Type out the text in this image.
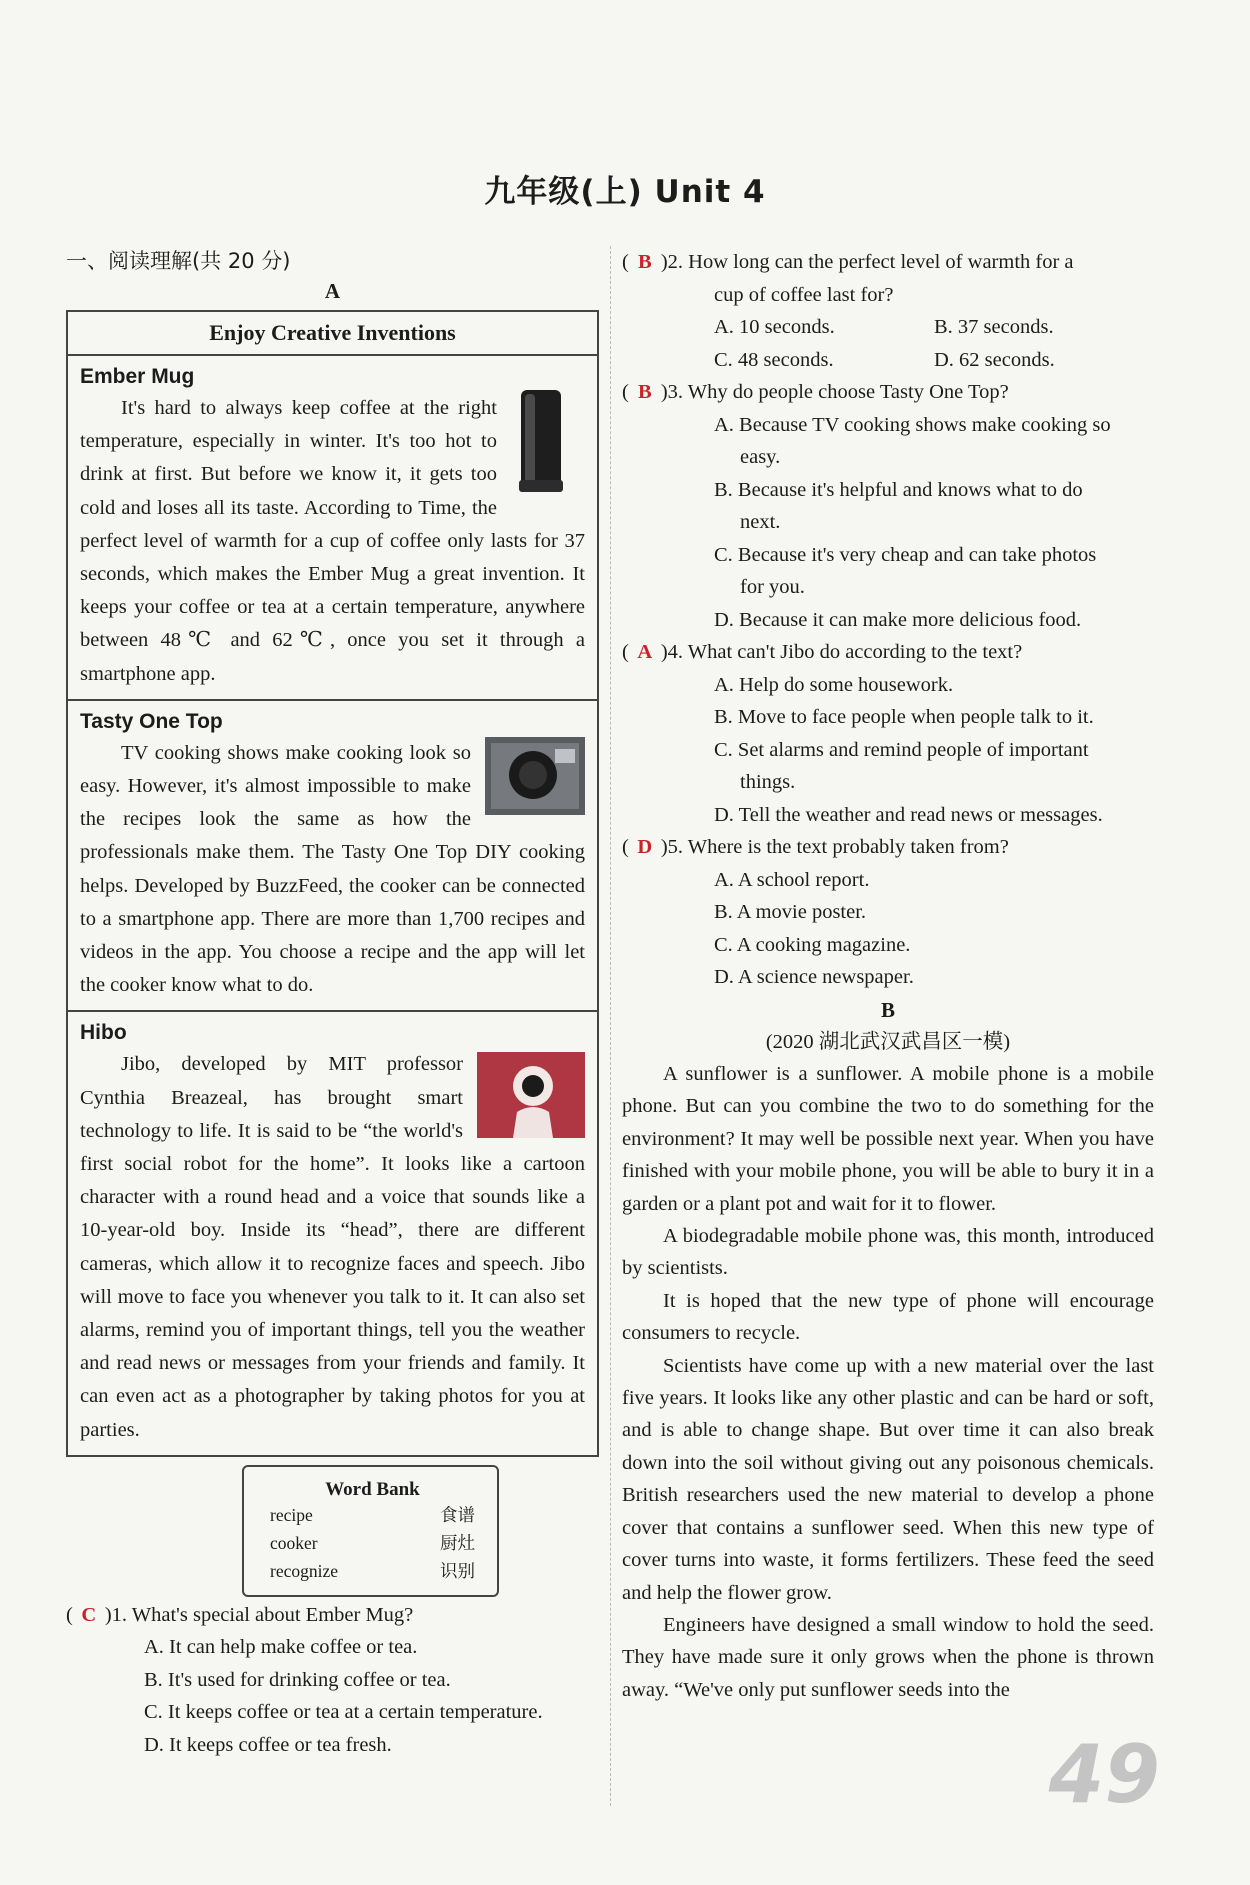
九年级(上) Unit 4
一、阅读理解(共 20 分)
A
Enjoy Creative Inventions
Ember Mug

It's hard to always keep coffee at the right temperature, especially in winter. It's too hot to drink at first. But before we know it, it gets too cold and loses all its taste. According to Time, the perfect level of warmth for a cup of coffee only lasts for 37 seconds, which makes the Ember Mug a great invention. It keeps your coffee or tea at a certain temperature, anywhere between 48℃ and 62℃, once you set it through a smartphone app.

Tasty One Top

TV cooking shows make cooking look so easy. However, it's almost impossible to make the recipes look the same as how the professionals make them. The Tasty One Top DIY cooking helps. Developed by BuzzFeed, the cooker can be connected to a smartphone app. There are more than 1,700 recipes and videos in the app. You choose a recipe and the app will let the cooker know what to do.

Hibo

Jibo, developed by MIT professor Cynthia Breazeal, has brought smart technology to life. It is said to be “the world's first social robot for the home”. It looks like a cartoon character with a round head and a voice that sounds like a 10-year-old boy. Inside its “head”, there are different cameras, which allow it to recognize faces and speech. Jibo will move to face you whenever you talk to it. It can also set alarms, remind you of important things, tell you the weather and read news or messages from your friends and family. It can even act as a photographer by taking photos for you at parties.

Word Bank
recipe	食谱
cooker	厨灶
recognize	识别
( C )1. What's special about Ember Mug?
A. It can help make coffee or tea.
B. It's used for drinking coffee or tea.
C. It keeps coffee or tea at a certain temperature.
D. It keeps coffee or tea fresh.
( B )2. How long can the perfect level of warmth for a
cup of coffee last for?
A. 10 seconds.	B. 37 seconds.
C. 48 seconds.	D. 62 seconds.
( B )3. Why do people choose Tasty One Top?
A. Because TV cooking shows make cooking so
easy.
B. Because it's helpful and knows what to do
next.
C. Because it's very cheap and can take photos
for you.
D. Because it can make more delicious food.
( A )4. What can't Jibo do according to the text?
A. Help do some housework.
B. Move to face people when people talk to it.
C. Set alarms and remind people of important
things.
D. Tell the weather and read news or messages.
( D )5. Where is the text probably taken from?
A. A school report.
B. A movie poster.
C. A cooking magazine.
D. A science newspaper.
B
(2020 湖北武汉武昌区一模)

A sunflower is a sunflower. A mobile phone is a mobile phone. But can you combine the two to do something for the environment? It may well be possible next year. When you have finished with your mobile phone, you will be able to bury it in a garden or a plant pot and wait for it to flower.

A biodegradable mobile phone was, this month, introduced by scientists.

It is hoped that the new type of phone will encourage consumers to recycle.

Scientists have come up with a new material over the last five years. It looks like any other plastic and can be hard or soft, and is able to change shape. But over time it can also break down into the soil without giving out any poisonous chemicals. British researchers used the new material to develop a phone cover that contains a sunflower seed. When this new type of cover turns into waste, it forms fertilizers. These feed the seed and help the flower grow.

Engineers have designed a small window to hold the seed. They have made sure it only grows when the phone is thrown away. “We've only put sunflower seeds into the

49
